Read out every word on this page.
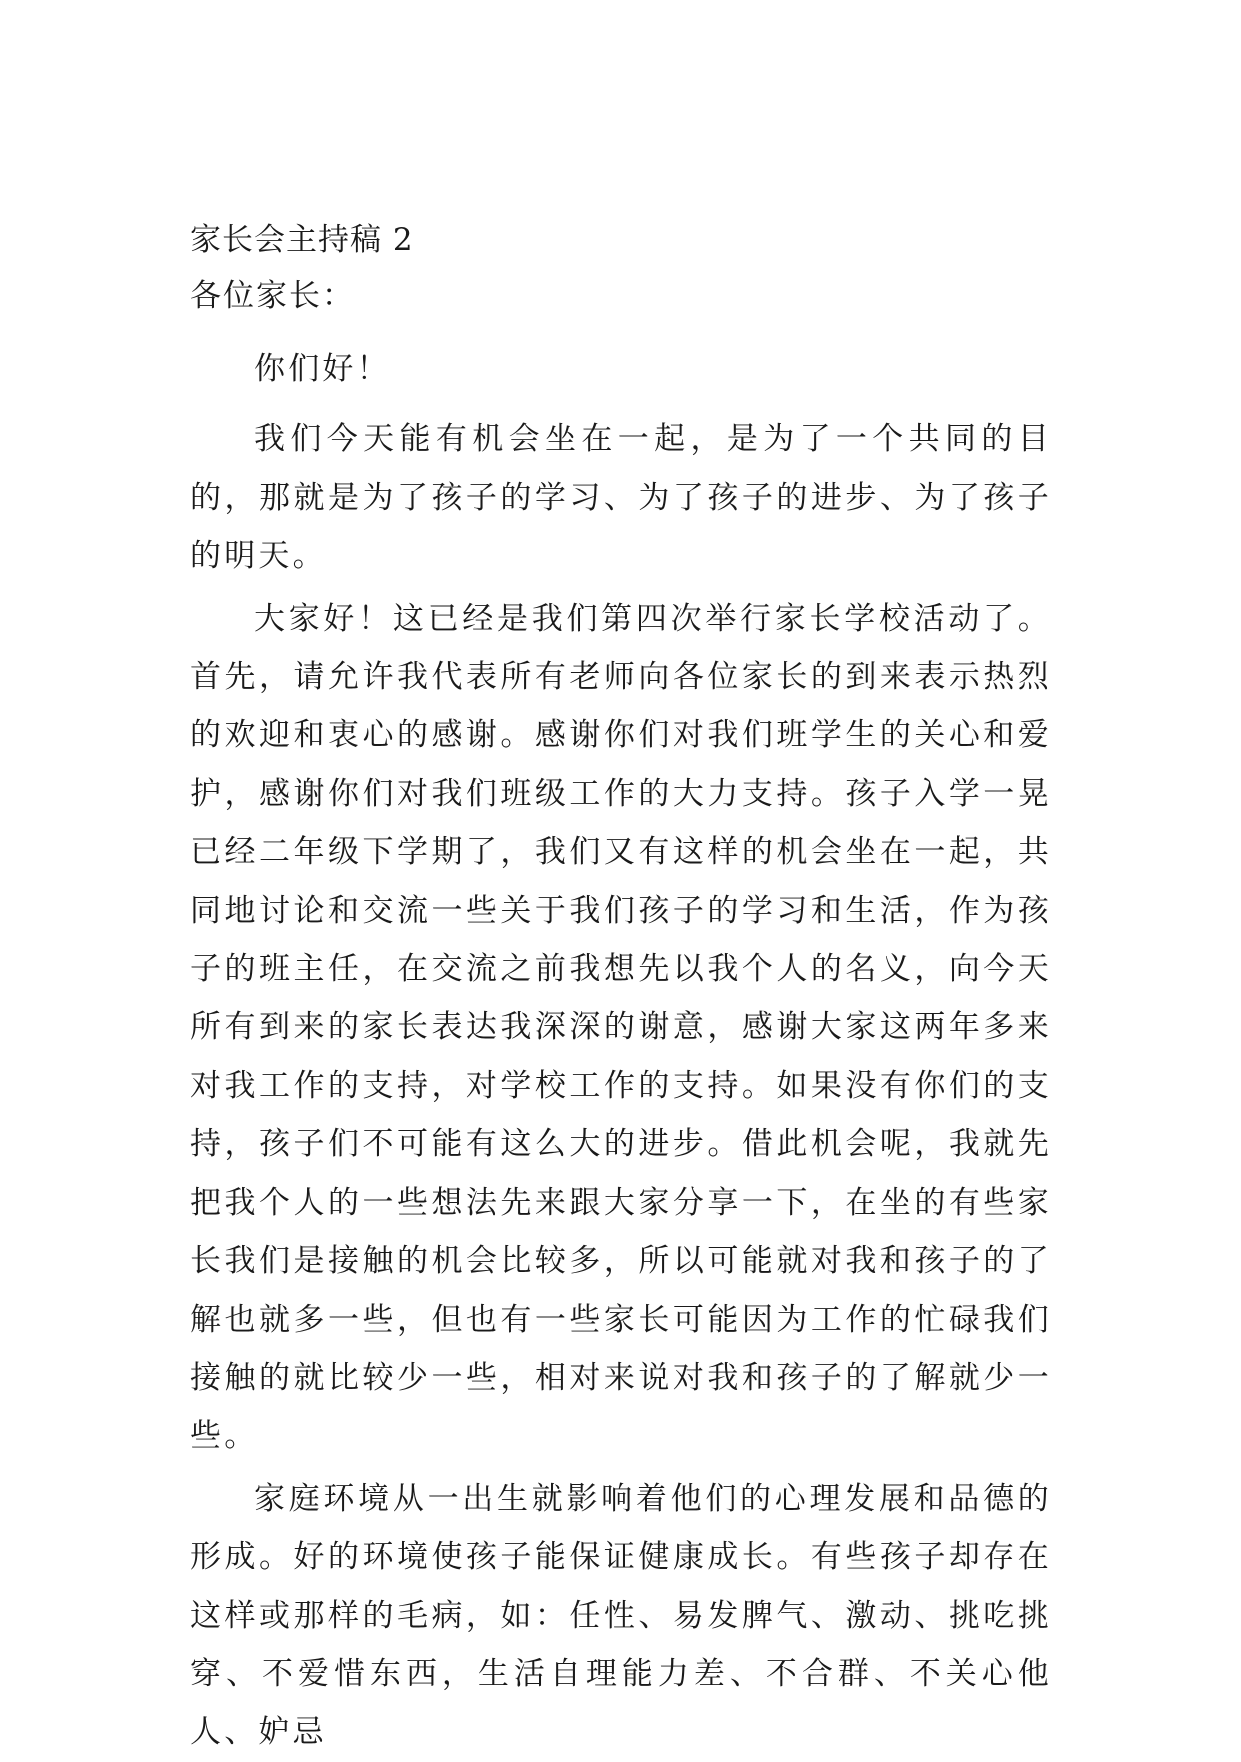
家长会主持稿 2
各位家长：

你们好！

我们今天能有机会坐在一起，是为了一个共同的目的，那就是为了孩子的学习、为了孩子的进步、为了孩子的明天。

大家好！这已经是我们第四次举行家长学校活动了。首先，请允许我代表所有老师向各位家长的到来表示热烈的欢迎和衷心的感谢。感谢你们对我们班学生的关心和爱护，感谢你们对我们班级工作的大力支持。孩子入学一晃已经二年级下学期了，我们又有这样的机会坐在一起，共同地讨论和交流一些关于我们孩子的学习和生活，作为孩子的班主任，在交流之前我想先以我个人的名义，向今天所有到来的家长表达我深深的谢意，感谢大家这两年多来对我工作的支持，对学校工作的支持。如果没有你们的支持，孩子们不可能有这么大的进步。借此机会呢，我就先把我个人的一些想法先来跟大家分享一下，在坐的有些家长我们是接触的机会比较多，所以可能就对我和孩子的了解也就多一些，但也有一些家长可能因为工作的忙碌我们接触的就比较少一些，相对来说对我和孩子的了解就少一些。

家庭环境从一出生就影响着他们的心理发展和品德的形成。好的环境使孩子能保证健康成长。有些孩子却存在这样或那样的毛病，如：任性、易发脾气、激动、挑吃挑穿、不爱惜东西，生活自理能力差、不合群、不关心他人、妒忌
